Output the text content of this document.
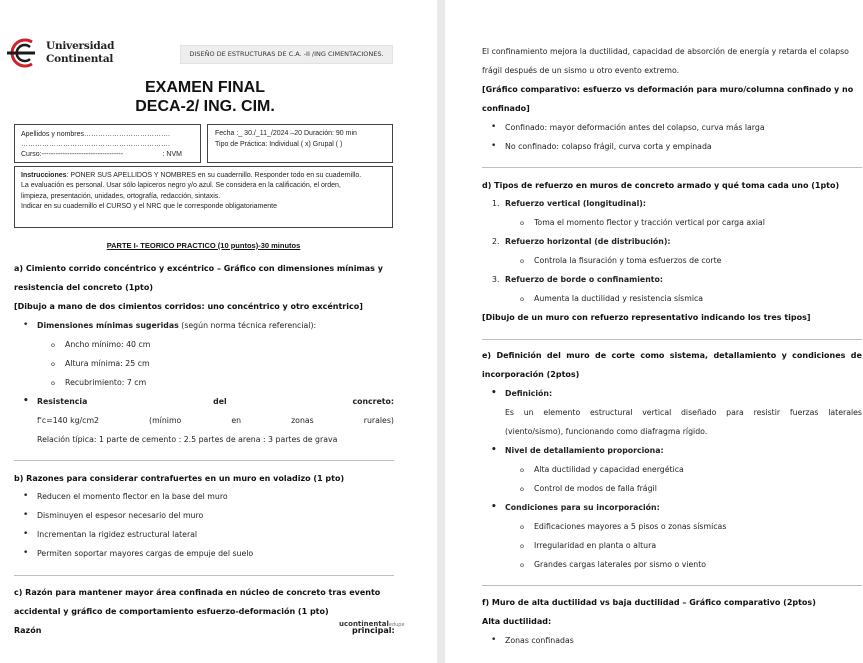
Universidad
Continental	DISEÑO DE ESTRUCTURAS DE C.A. -II /ING CIMENTACIONES.
EXAMEN FINAL
DECA-2/ ING. CIM.
Apellidos y nombres……………………………….
……………………………………………………….
Curso:-----------------------------------	: NVM
Fecha :_ 30./_11_/2024 –20 Duración: 90 min
Tipo de Práctica: Individual ( x) Grupal ( )
Instrucciones: PONER SUS APELLIDOS Y NOMBRES en su cuadernillo. Responder todo en su cuadernillo.
La evaluación es personal. Usar sólo lapiceros negro y/o azul. Se considera en la calificación, el orden,
limpieza, presentación, unidades, ortografía, redacción, sintaxis.
Indicar en su cuadernillo el CURSO y el NRC que le corresponde obligatoriamente
PARTE I- TEORICO PRACTICO (10 puntos)-30 minutos
a) Cimiento corrido concéntrico y excéntrico – Gráfico con dimensiones mínimas y
resistencia del concreto (1pto)
[Dibujo a mano de dos cimientos corridos: uno concéntrico y otro excéntrico]
• Dimensiones mínimas sugeridas (según norma técnica referencial):
o Ancho mínimo: 40 cm
o Altura mínima: 25 cm
o Recubrimiento: 7 cm
• Resistencia	del	concreto:
f'c=140 kg/cm2	(mínimo	en	zonas	rurales)
Relación típica: 1 parte de cemento : 2.5 partes de arena : 3 partes de grava
b) Razones para considerar contrafuertes en un muro en voladizo (1 pto)
• Reducen el momento flector en la base del muro
• Disminuyen el espesor necesario del muro
• Incrementan la rigidez estructural lateral
• Permiten soportar mayores cargas de empuje del suelo
c) Razón para mantener mayor área confinada en núcleo de concreto tras evento
accidental y gráfico de comportamiento esfuerzo-deformación (1 pto)
Razón
ucontinentaledupe
principal:
El confinamiento mejora la ductilidad, capacidad de absorción de energía y retarda el colapso
frágil después de un sismo u otro evento extremo.
[Gráfico comparativo: esfuerzo vs deformación para muro/columna confinado y no
confinado]
• Confinado: mayor deformación antes del colapso, curva más larga
• No confinado: colapso frágil, curva corta y empinada
d) Tipos de refuerzo en muros de concreto armado y qué toma cada uno (1pto)
1. Refuerzo vertical (longitudinal):
o Toma el momento flector y tracción vertical por carga axial
2. Refuerzo horizontal (de distribución):
o Controla la fisuración y toma esfuerzos de corte
3. Refuerzo de borde o confinamiento:
o Aumenta la ductilidad y resistencia sísmica
[Dibujo de un muro con refuerzo representativo indicando los tres tipos]
e) Definición del muro de corte como sistema, detallamiento y condiciones de
incorporación (2ptos)
• Definición:
Es un elemento estructural vertical diseñado para resistir fuerzas laterales
(viento/sismo), funcionando como diafragma rígido.
• Nivel de detallamiento proporciona:
o Alta ductilidad y capacidad energética
o Control de modos de falla frágil
• Condiciones para su incorporación:
o Edificaciones mayores a 5 pisos o zonas sísmicas
o Irregularidad en planta o altura
o Grandes cargas laterales por sismo o viento
f) Muro de alta ductilidad vs baja ductilidad – Gráfico comparativo (2ptos)
Alta ductilidad:
• Zonas confinadas
